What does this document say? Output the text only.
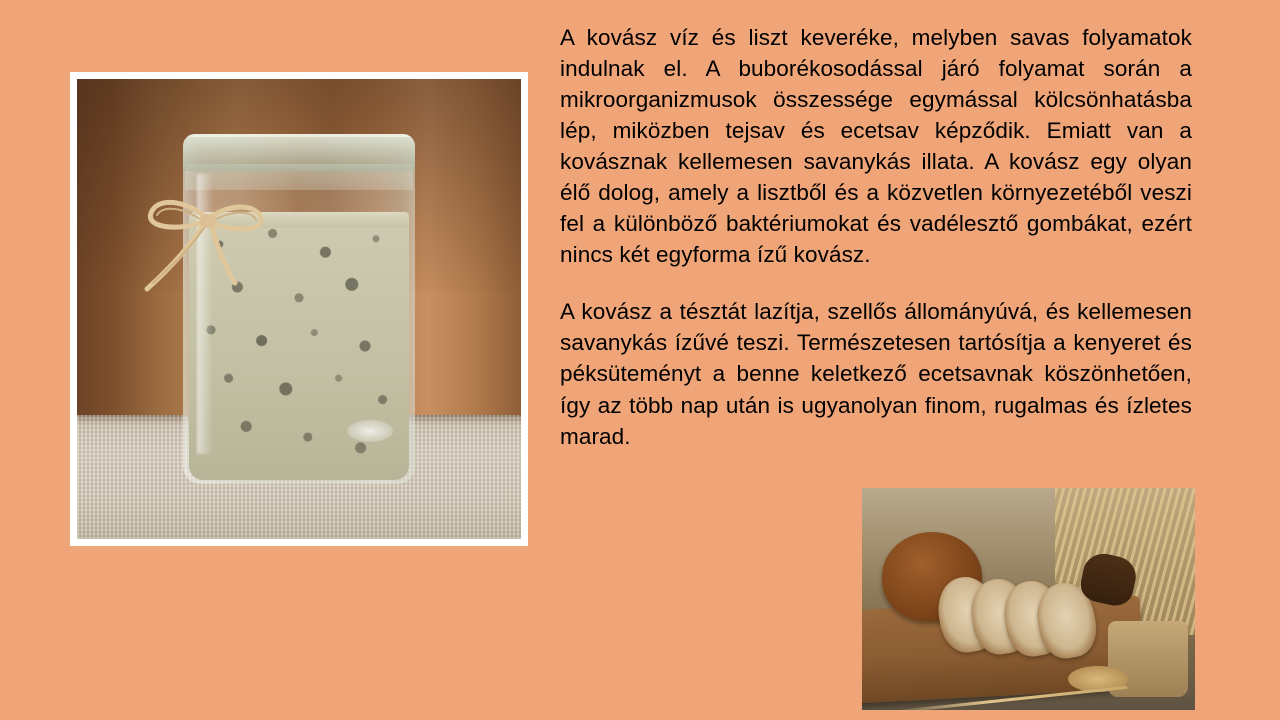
A kovász víz és liszt keveréke, melyben savas folyamatok indulnak el. A buborékosodással járó folyamat során a mikroorganizmusok összessége egymással kölcsönhatásba lép, miközben tejsav és ecetsav képződik. Emiatt van a kovásznak kellemesen savanykás illata. A kovász egy olyan élő dolog, amely a lisztből és a közvetlen környezetéből veszi fel a különböző baktériumokat és vadélesztő gombákat, ezért nincs két egyforma ízű kovász.

A kovász a tésztát lazítja, szellős állományúvá, és kellemesen savanykás ízűvé teszi. Természetesen tartósítja a kenyeret és péksüteményt a benne keletkező ecetsavnak köszönhetően, így az több nap után is ugyanolyan finom, rugalmas és ízletes marad.
